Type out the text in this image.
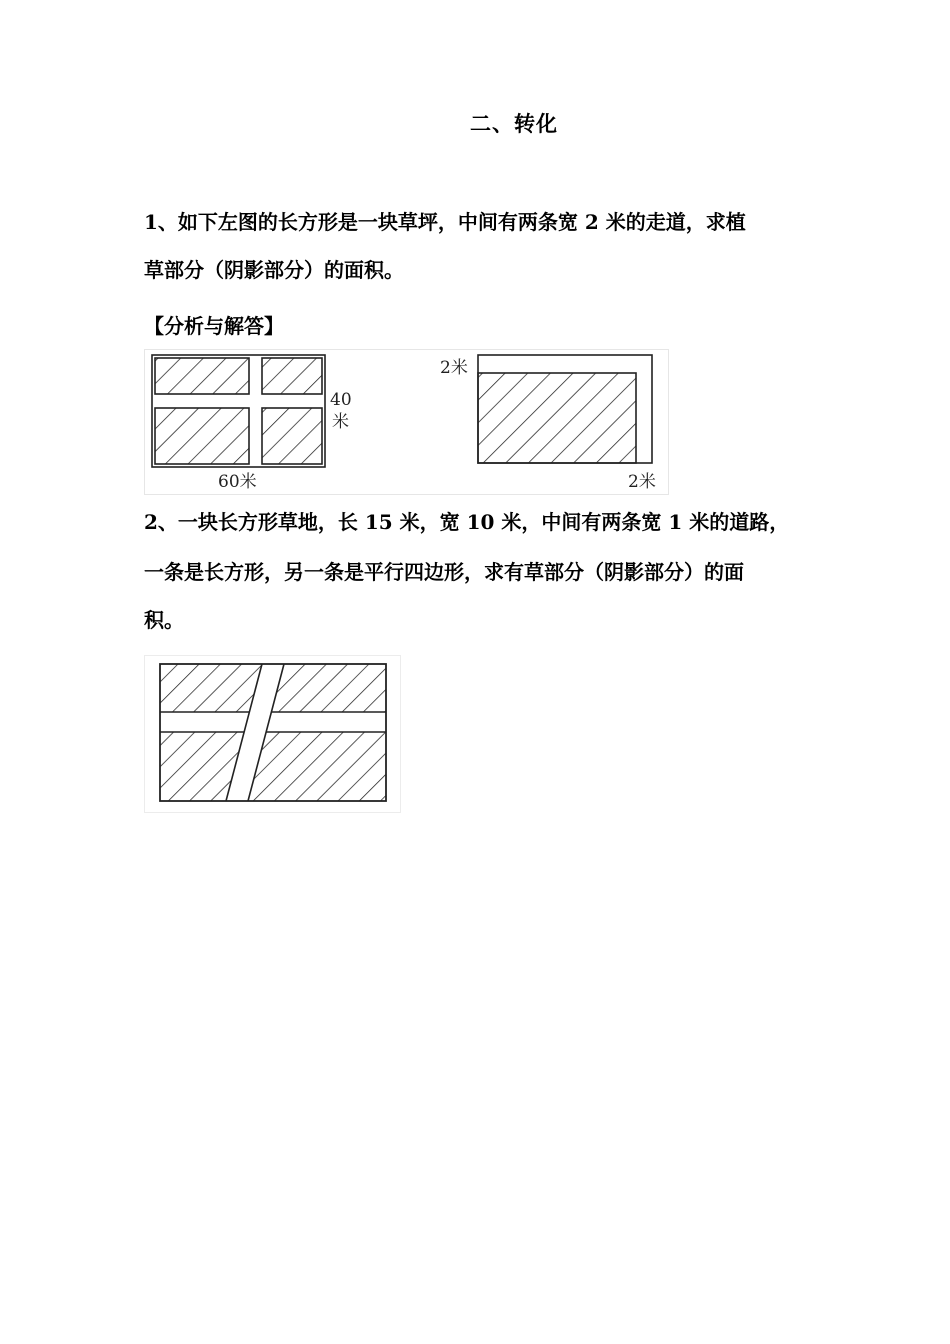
二、转化
1、如下左图的长方形是一块草坪，中间有两条宽 2 米的走道，求植
草部分（阴影部分）的面积。
【分析与解答】
40
米
60米
2米
2米
2、一块长方形草地，长 15 米，宽 10 米，中间有两条宽 1 米的道路，
一条是长方形，另一条是平行四边形，求有草部分（阴影部分）的面
积。
